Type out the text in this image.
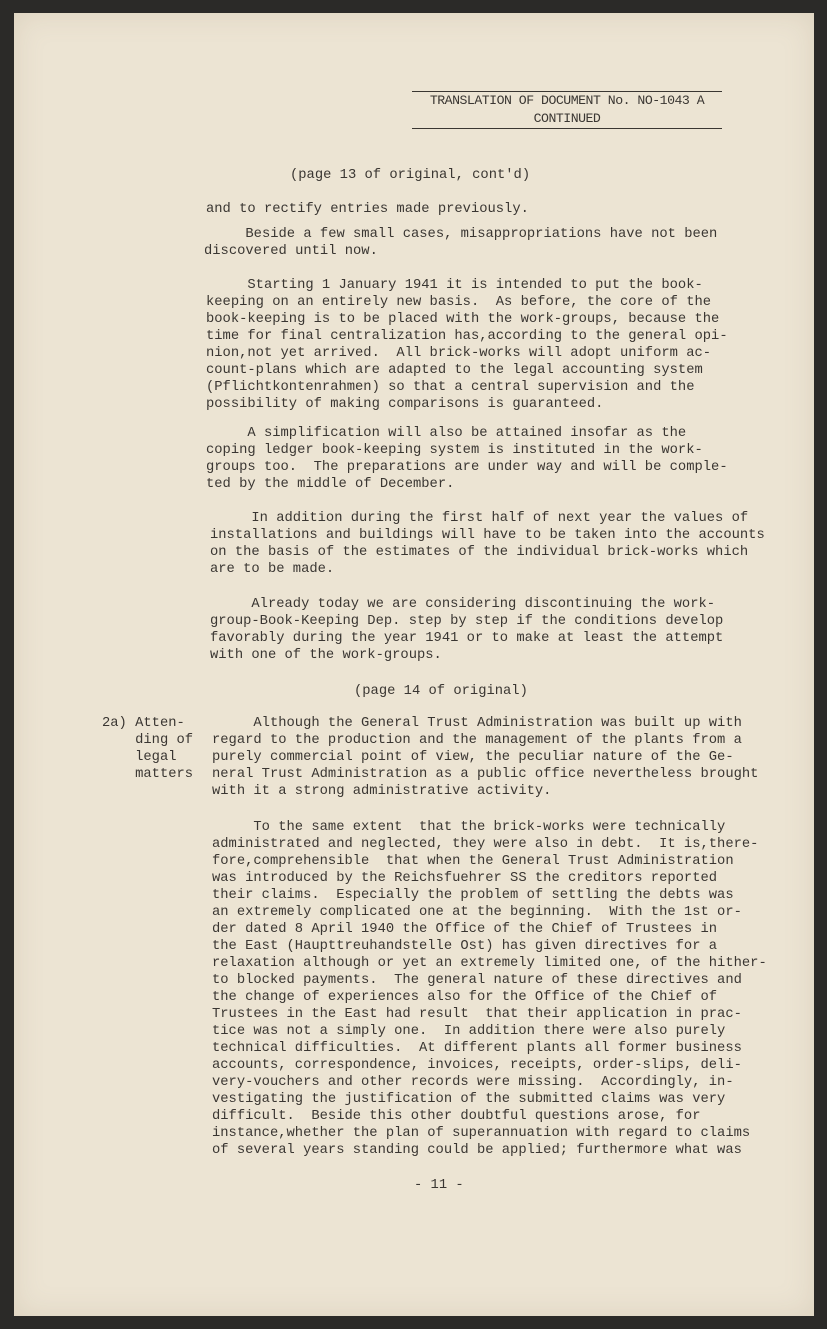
TRANSLATION OF DOCUMENT No. NO-1043 A
CONTINUED
(page 13 of original, cont'd)
(page 14 of original)
and to rectify entries made previously.
Beside a few small cases, misappropriations have not been
discovered until now.
Starting 1 January 1941 it is intended to put the book-
keeping on an entirely new basis.  As before, the core of the
book-keeping is to be placed with the work-groups, because the
time for final centralization has,according to the general opi-
nion,not yet arrived.  All brick-works will adopt uniform ac-
count-plans which are adapted to the legal accounting system
(Pflichtkontenrahmen) so that a central supervision and the
possibility of making comparisons is guaranteed.
A simplification will also be attained insofar as the
coping ledger book-keeping system is instituted in the work-
groups too.  The preparations are under way and will be comple-
ted by the middle of December.
In addition during the first half of next year the values of
installations and buildings will have to be taken into the accounts
on the basis of the estimates of the individual brick-works which
are to be made.
Already today we are considering discontinuing the work-
group-Book-Keeping Dep. step by step if the conditions develop
favorably during the year 1941 or to make at least the attempt
with one of the work-groups.
Although the General Trust Administration was built up with
regard to the production and the management of the plants from a
purely commercial point of view, the peculiar nature of the Ge-
neral Trust Administration as a public office nevertheless brought
with it a strong administrative activity.
To the same extent  that the brick-works were technically
administrated and neglected, they were also in debt.  It is,there-
fore,comprehensible  that when the General Trust Administration
was introduced by the Reichsfuehrer SS the creditors reported
their claims.  Especially the problem of settling the debts was
an extremely complicated one at the beginning.  With the 1st or-
der dated 8 April 1940 the Office of the Chief of Trustees in
the East (Haupttreuhandstelle Ost) has given directives for a
relaxation although or yet an extremely limited one, of the hither-
to blocked payments.  The general nature of these directives and
the change of experiences also for the Office of the Chief of
Trustees in the East had result  that their application in prac-
tice was not a simply one.  In addition there were also purely
technical difficulties.  At different plants all former business
accounts, correspondence, invoices, receipts, order-slips, deli-
very-vouchers and other records were missing.  Accordingly, in-
vestigating the justification of the submitted claims was very
difficult.  Beside this other doubtful questions arose, for
instance,whether the plan of superannuation with regard to claims
of several years standing could be applied; furthermore what was
2a) Atten-
ding of
legal
matters
- 11 -
